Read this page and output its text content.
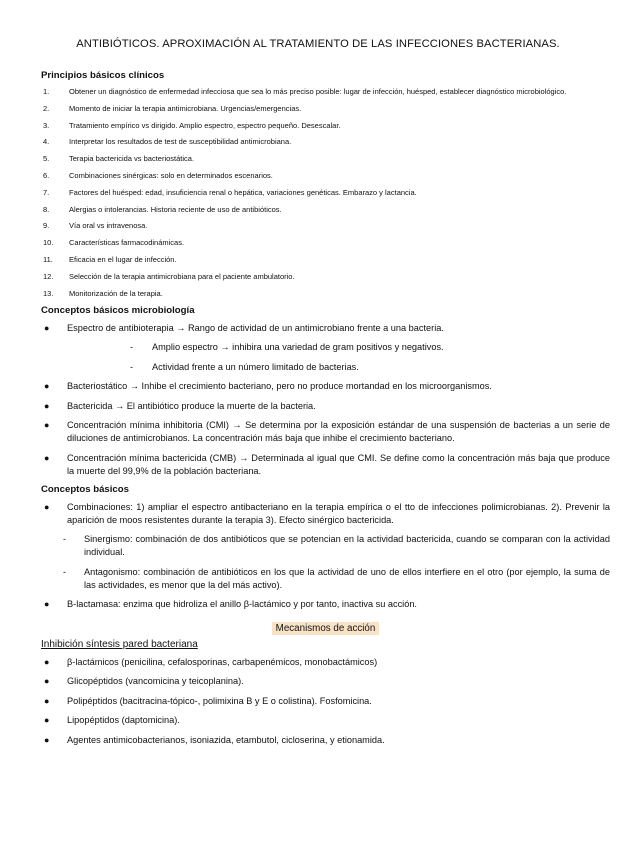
ANTIBIÓTICOS. APROXIMACIÓN AL TRATAMIENTO DE LAS INFECCIONES BACTERIANAS.
Principios básicos clínicos
1.	Obtener un diagnóstico de enfermedad infecciosa que sea lo más preciso posible: lugar de infección, huésped, establecer diagnóstico microbiológico.
2.	Momento de iniciar la terapia antimicrobiana. Urgencias/emergencias.
3.	Tratamiento empírico vs dirigido. Amplio espectro, espectro pequeño. Desescalar.
4.	Interpretar los resultados de test de susceptibilidad antimicrobiana.
5.	Terapia bactericida vs bacteriostática.
6.	Combinaciones sinérgicas: solo en determinados escenarios.
7.	Factores del huésped: edad, insuficiencia renal o hepática, variaciones genéticas. Embarazo y lactancia.
8.	Alergias o intolerancias. Historia reciente de uso de antibióticos.
9.	Vía oral vs intravenosa.
10. Características farmacodinámicas.
11. Eficacia en el lugar de infección.
12. Selección de la terapia antimicrobiana para el paciente ambulatorio.
13. Monitorización de la terapia.
Conceptos básicos microbiología
● Espectro de antibioterapia → Rango de actividad de un antimicrobiano frente a una bacteria.
- Amplio espectro → inhibira una variedad de gram positivos y negativos.
- Actividad frente a un número limitado de bacterias.
● Bacteriostático → Inhibe el crecimiento bacteriano, pero no produce mortandad en los microorganismos.
● Bactericida → El antibiótico produce la muerte de la bacteria.
● Concentración mínima inhibitoria (CMI) → Se determina por la exposición estándar de una suspensión de bacterias a un serie de diluciones de antimicrobianos. La concentración más baja que inhibe el crecimiento bacteriano.
● Concentración mínima bactericida (CMB) → Determinada al igual que CMI. Se define como la concentración más baja que produce la muerte del 99,9% de la población bacteriana.
Conceptos básicos
● Combinaciones: 1) ampliar el espectro antibacteriano en la terapia empírica o el tto de infecciones polimicrobianas. 2). Prevenir la aparición de moos resistentes durante la terapia 3). Efecto sinérgico bactericida.
- Sinergismo: combinación de dos antibióticos que se potencian en la actividad bactericida, cuando se comparan con la actividad individual.
- Antagonismo: combinación de antibióticos en los que la actividad de uno de ellos interfiere en el otro (por ejemplo, la suma de las actividades, es menor que la del más activo).
● Β-lactamasa: enzima que hidroliza el anillo β-lactámico y por tanto, inactiva su acción.
Mecanismos de acción
Inhibición síntesis pared bacteriana
● β-lactámicos (penicilina, cefalosporinas, carbapenémicos, monobactámicos)
● Glicopéptidos (vancomicina y teicoplanina).
● Polipéptidos (bacitracina-tópico-, polimixina B y E o colistina). Fosfomicina.
● Lipopéptidos (daptomicina).
● Agentes antimicobacterianos, isoniazida, etambutol, cicloserina, y etionamida.
